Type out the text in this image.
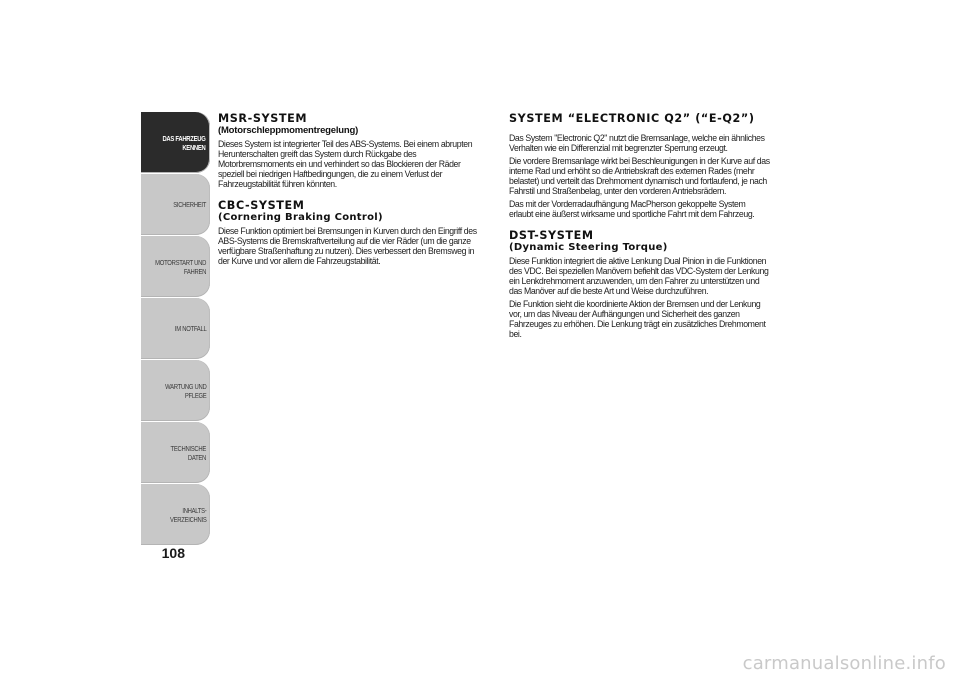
DAS FAHRZEUG
KENNEN
SICHERHEIT
MOTORSTART UND
FAHREN
IM NOTFALL
WARTUNG UND
PFLEGE
TECHNISCHE DATEN
INHALTS-
VERZEICHNIS
108
MSR-SYSTEM
(Motorschleppmomentregelung)

Dieses System ist integrierter Teil des ABS-Systems. Bei einem abrupten Herunterschalten greift das System durch Rückgabe des Motorbremsmoments ein und verhindert so das Blockieren der Räder speziell bei niedrigen Haftbedingungen, die zu einem Verlust der Fahrzeugstabilität führen könnten.

CBC-SYSTEM
(Cornering Braking Control)

Diese Funktion optimiert bei Bremsungen in Kurven durch den Eingriff des ABS-Systems die Bremskraftverteilung auf die vier Räder (um die ganze verfügbare Straßenhaftung zu nutzen). Dies verbessert den Bremsweg in der Kurve und vor allem die Fahrzeugstabilität.

SYSTEM “ELECTRONIC Q2” (“E-Q2”)

Das System "Electronic Q2" nutzt die Bremsanlage, welche ein ähnliches Verhalten wie ein Differenzial mit begrenzter Sperrung erzeugt.

Die vordere Bremsanlage wirkt bei Beschleunigungen in der Kurve auf das interne Rad und erhöht so die Antriebskraft des externen Rades (mehr belastet) und verteilt das Drehmoment dynamisch und fortlaufend, je nach Fahrstil und Straßenbelag, unter den vorderen Antriebsrädern.

Das mit der Vorderradaufhängung MacPherson gekoppelte System erlaubt eine äußerst wirksame und sportliche Fahrt mit dem Fahrzeug.

DST-SYSTEM
(Dynamic Steering Torque)

Diese Funktion integriert die aktive Lenkung Dual Pinion in die Funktionen des VDC. Bei speziellen Manövern befiehlt das VDC-System der Lenkung ein Lenkdrehmoment anzuwenden, um den Fahrer zu unterstützen und das Manöver auf die beste Art und Weise durchzuführen.

Die Funktion sieht die koordinierte Aktion der Bremsen und der Lenkung vor, um das Niveau der Aufhängungen und Sicherheit des ganzen Fahrzeuges zu erhöhen. Die Lenkung trägt ein zusätzliches Drehmoment bei.

carmanualsonline.info
